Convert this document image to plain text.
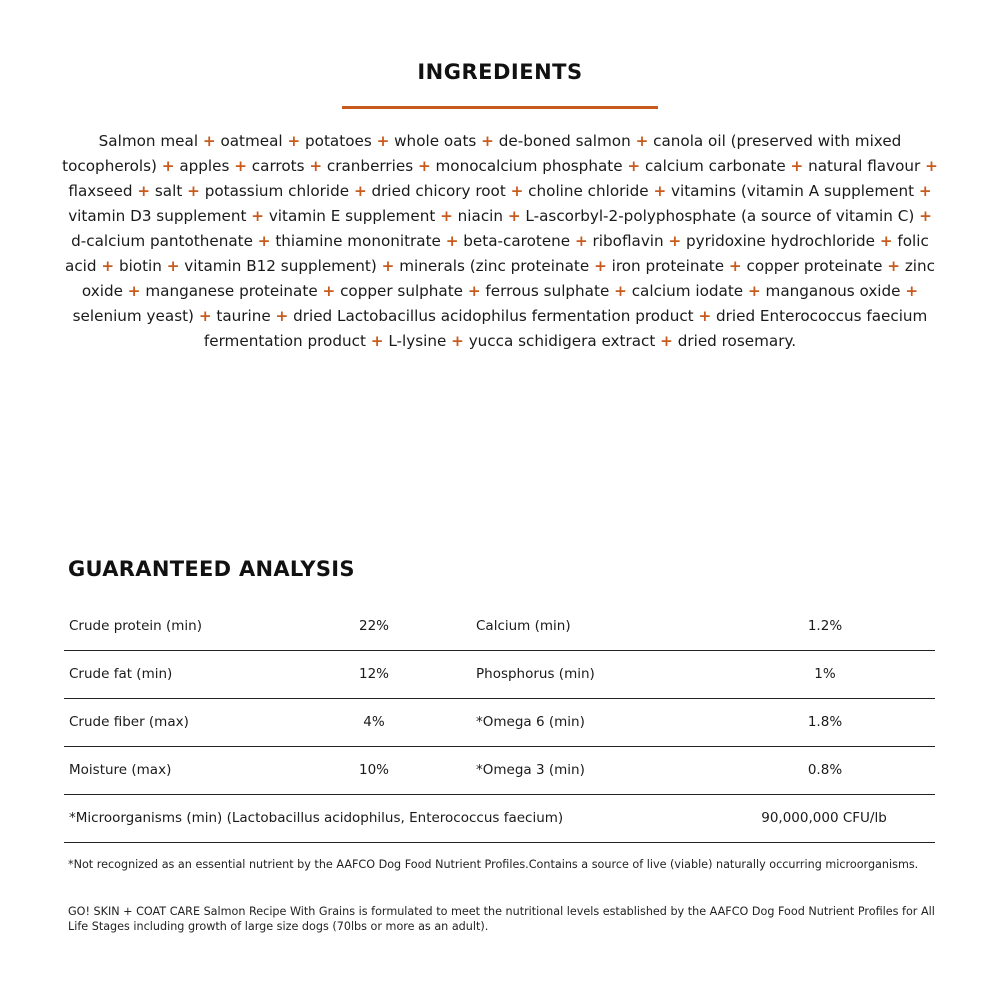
INGREDIENTS

Salmon meal + oatmeal + potatoes + whole oats + de-boned salmon + canola oil (preserved with mixed tocopherols) + apples + carrots + cranberries + monocalcium phosphate + calcium carbonate + natural flavour + flaxseed + salt + potassium chloride + dried chicory root + choline chloride + vitamins (vitamin A supplement + vitamin D3 supplement + vitamin E supplement + niacin + L-ascorbyl-2-polyphosphate (a source of vitamin C) + d-calcium pantothenate + thiamine mononitrate + beta-carotene + riboflavin + pyridoxine hydrochloride + folic acid + biotin + vitamin B12 supplement) + minerals (zinc proteinate + iron proteinate + copper proteinate + zinc oxide + manganese proteinate + copper sulphate + ferrous sulphate + calcium iodate + manganous oxide + selenium yeast) + taurine + dried Lactobacillus acidophilus fermentation product + dried Enterococcus faecium fermentation product + L-lysine + yucca schidigera extract + dried rosemary.

GUARANTEED ANALYSIS
Crude protein (min)	22%	Calcium (min)	1.2%
Crude fat (min)	12%	Phosphorus (min)	1%
Crude fiber (max)	4%	*Omega 6 (min)	1.8%
Moisture (max)	10%	*Omega 3 (min)	0.8%
*Microorganisms (min) (Lactobacillus acidophilus, Enterococcus faecium)	90,000,000 CFU/lb

*Not recognized as an essential nutrient by the AAFCO Dog Food Nutrient Profiles.Contains a source of live (viable) naturally occurring microorganisms.

GO! SKIN + COAT CARE Salmon Recipe With Grains is formulated to meet the nutritional levels established by the AAFCO Dog Food Nutrient Profiles for All Life Stages including growth of large size dogs (70lbs or more as an adult).
